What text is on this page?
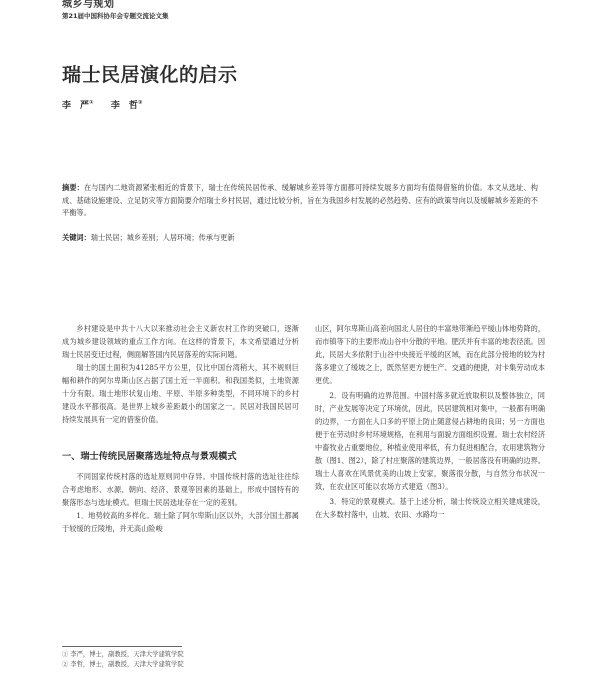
城乡与规划
第21届中国科协年会专题交流论文集
瑞士民居演化的启示
李　严① 李　哲②
摘要：在与国内二地资源紧张相近的背景下，瑞士在传统民居传承、缓解城乡差异等方面都可持续发展多方面均有值得借鉴的价值。本文从选址、构成、基础设施建设、立足防灾等方面简要介绍瑞士乡村民居，通过比较分析，旨在为我国乡村发展的必然趋势、应有的政策导向以及缓解城乡差距的不平衡等。
关键词：瑞士民居；城乡差别；人居环境；传承与更新

乡村建设是中共十八大以来推动社会主义新农村工作的突破口，逐渐成为城乡建设领域的重点工作方向。在这样的背景下，本文希望通过分析瑞士民居变迁过程，侧面解答国内民居落差的实际问题。

瑞士的国土面积为41285平方公里，仅比中国台湾稍大，其不规则巨幅和耕作的阿尔卑斯山区占据了国土近一半面积。和我国类似，土地资源十分有限。瑞士地形状复山地、平原、半原多种类型，不同环境下的乡村建设水平都很高。是世界上城乡差距最小的国家之一。民居对我国民居可持续发展具有一定的借鉴价值。

一、瑞士传统民居聚落选址特点与景观模式

不同国家传统村落的选址原则同中存异。中国传统村落的选址往往综合考虑地形、水源、朝向、经济、景观等因素的基础上，形成中国特有的聚落形态与选址模式。但瑞士民居选址存在一定的差别。

1．地势较高的多样化。瑞士除了阿尔卑斯山区以外，大部分国土都属于较缓的丘陵地，并无高山险峻

山区，阿尔卑斯山高差向国北人居住的丰富地带渐趋平缓山体地势降的，而市镇等下的主要形成山谷中分散的平地。肥沃并有丰富的地表径流。因此，民居大多依附于山谷中央接近平缓的区域，而在此部分接地的较为村落多建立了缓坡之上，既然坚更方便生产、交通的便捷，对卡集劳动成本更优。

2．设有明确的边界范围。中国村落多就近放取积以及整体独立，同时，产业发展等决定了环境优，因此，民居建筑相对集中，一般都有明确的边界，一方面在人口多的平原上防止随意侵占耕地的良田；另一方面也便于在劳动时乡村环境规格，在利用与面貌方面组织设置。瑞士农村经济中畜牧业占重要地位，种植业使用率低，有力促进相配合，农用建筑物分散（图1、图2），除了村庄聚落的建筑边界，一般居落没有明确的边界。瑞士人喜欢在风景优美的山坡上安家，聚落很分散，与自然分布状况一致，在农业区可能以农场方式建造（图3）。

3．特定的景观模式。基于上述分析，瑞士传统设立相关建成建设，在大多数村落中，山坡、农田、水路均一

① 李严，博士，副教授，天津大学建筑学院
② 李哲，博士，副教授，天津大学建筑学院
